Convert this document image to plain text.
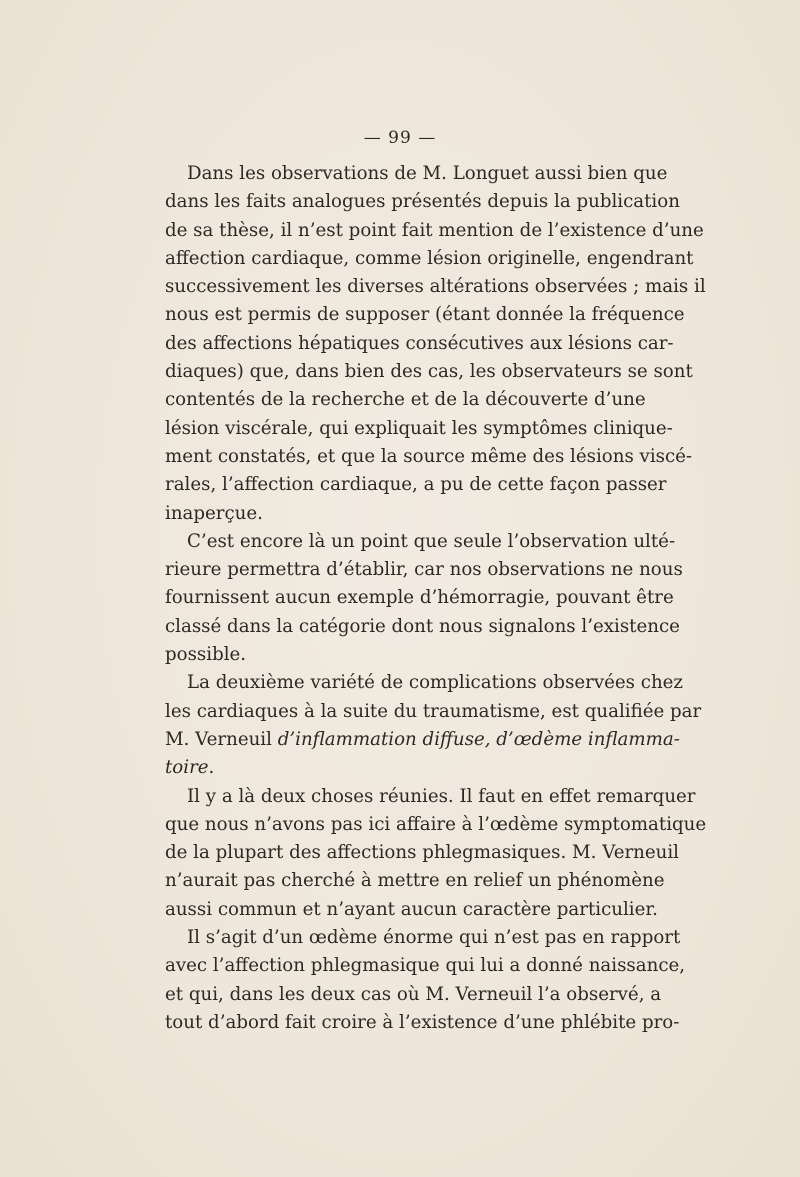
— 99 —
Dans les observations de M. Longuet aussi bien que
dans les faits analogues présentés depuis la publication
de sa thèse, il n’est point fait mention de l’existence d’une
affection cardiaque, comme lésion originelle, engendrant
successivement les diverses altérations observées ; mais il
nous est permis de supposer (étant donnée la fréquence
des affections hépatiques consécutives aux lésions car-
diaques) que, dans bien des cas, les observateurs se sont
contentés de la recherche et de la découverte d’une
lésion viscérale, qui expliquait les symptômes clinique-
ment constatés, et que la source même des lésions viscé-
rales, l’affection cardiaque, a pu de cette façon passer
inaperçue.
C’est encore là un point que seule l’observation ulté-
rieure permettra d’établir, car nos observations ne nous
fournissent aucun exemple d’hémorragie, pouvant être
classé dans la catégorie dont nous signalons l’existence
possible.
La deuxième variété de complications observées chez
les cardiaques à la suite du traumatisme, est qualifiée par
M. Verneuil d’inflammation diffuse, d’œdème inflamma-
toire.
Il y a là deux choses réunies. Il faut en effet remarquer
que nous n’avons pas ici affaire à l’œdème symptomatique
de la plupart des affections phlegmasiques. M. Verneuil
n’aurait pas cherché à mettre en relief un phénomène
aussi commun et n’ayant aucun caractère particulier.
Il s’agit d’un œdème énorme qui n’est pas en rapport
avec l’affection phlegmasique qui lui a donné naissance,
et qui, dans les deux cas où M. Verneuil l’a observé, a
tout d’abord fait croire à l’existence d’une phlébite pro-
